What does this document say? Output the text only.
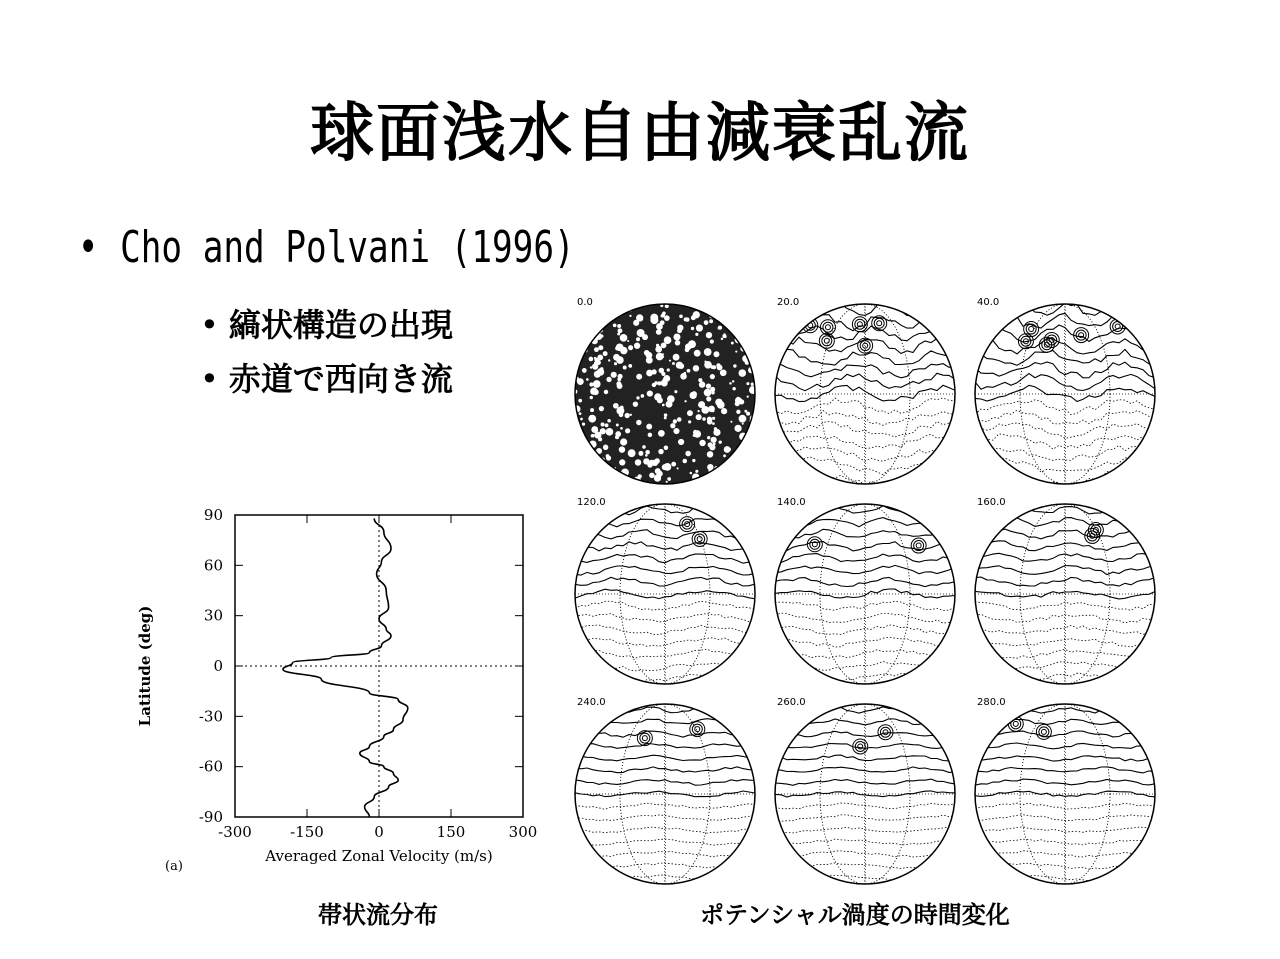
球面浅水自由減衰乱流
• Cho and Polvani (1996)
• 縞状構造の出現
• 赤道で西向き流
90
60
30
0
-30
-60
-90
-300	-150	0	150	300
Averaged Zonal Velocity (m/s)
Latitude (deg)
(a)
0.0	20.0	40.0
120.0	140.0	160.0
240.0	260.0	280.0
帯状流分布	ポテンシャル渦度の時間変化
